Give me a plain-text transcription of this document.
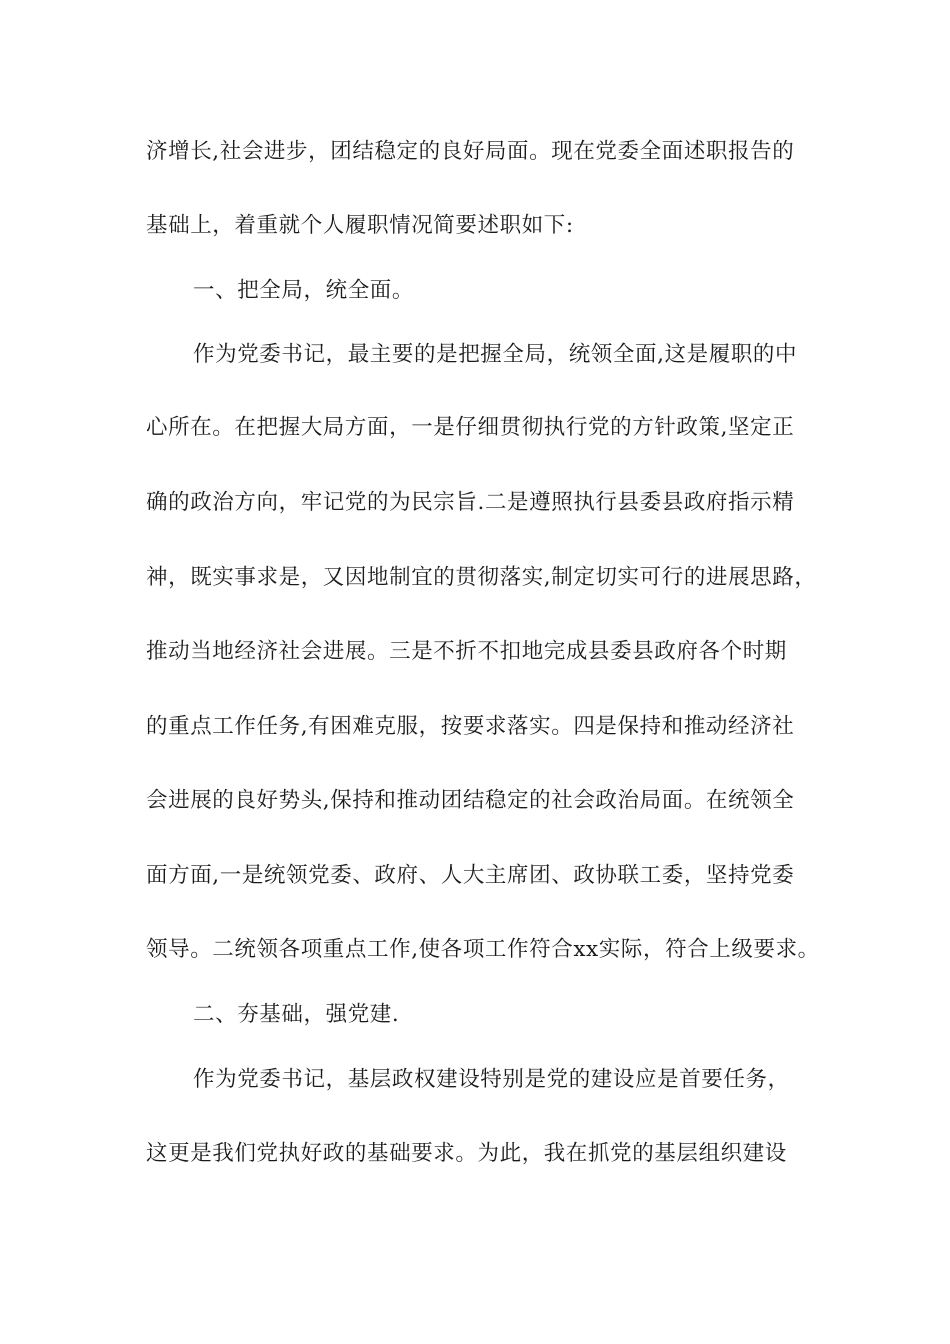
济增长,社会进步，团结稳定的良好局面。现在党委全面述职报告的
基础上，着重就个人履职情况简要述职如下:
一、把全局，统全面。
作为党委书记，最主要的是把握全局，统领全面,这是履职的中
心所在。在把握大局方面，一是仔细贯彻执行党的方针政策,坚定正
确的政治方向，牢记党的为民宗旨.二是遵照执行县委县政府指示精
神，既实事求是，又因地制宜的贯彻落实,制定切实可行的进展思路，
推动当地经济社会进展。三是不折不扣地完成县委县政府各个时期
的重点工作任务,有困难克服，按要求落实。四是保持和推动经济社
会进展的良好势头,保持和推动团结稳定的社会政治局面。在统领全
面方面,一是统领党委、政府、人大主席团、政协联工委，坚持党委
领导。二统领各项重点工作,使各项工作符合xx实际，符合上级要求。
二、夯基础，强党建.
作为党委书记，基层政权建设特别是党的建设应是首要任务，
这更是我们党执好政的基础要求。为此，我在抓党的基层组织建设
